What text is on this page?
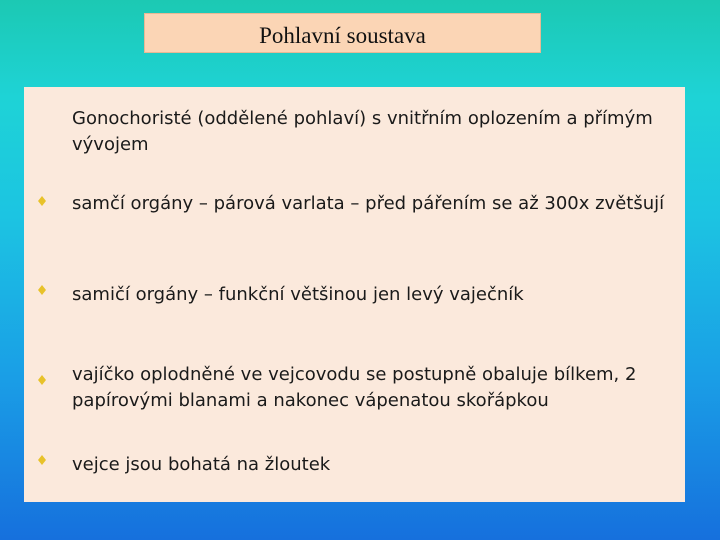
Pohlavní soustava

Gonochoristé (oddělené pohlaví) s vnitřním oplozením a přímým vývojem

samčí orgány – párová varlata – před pářením se až 300x zvětšují

samičí orgány – funkční většinou jen levý vaječník

vajíčko oplodněné ve vejcovodu se postupně obaluje bílkem, 2 papírovými blanami a nakonec vápenatou skořápkou

vejce jsou bohatá na žloutek
